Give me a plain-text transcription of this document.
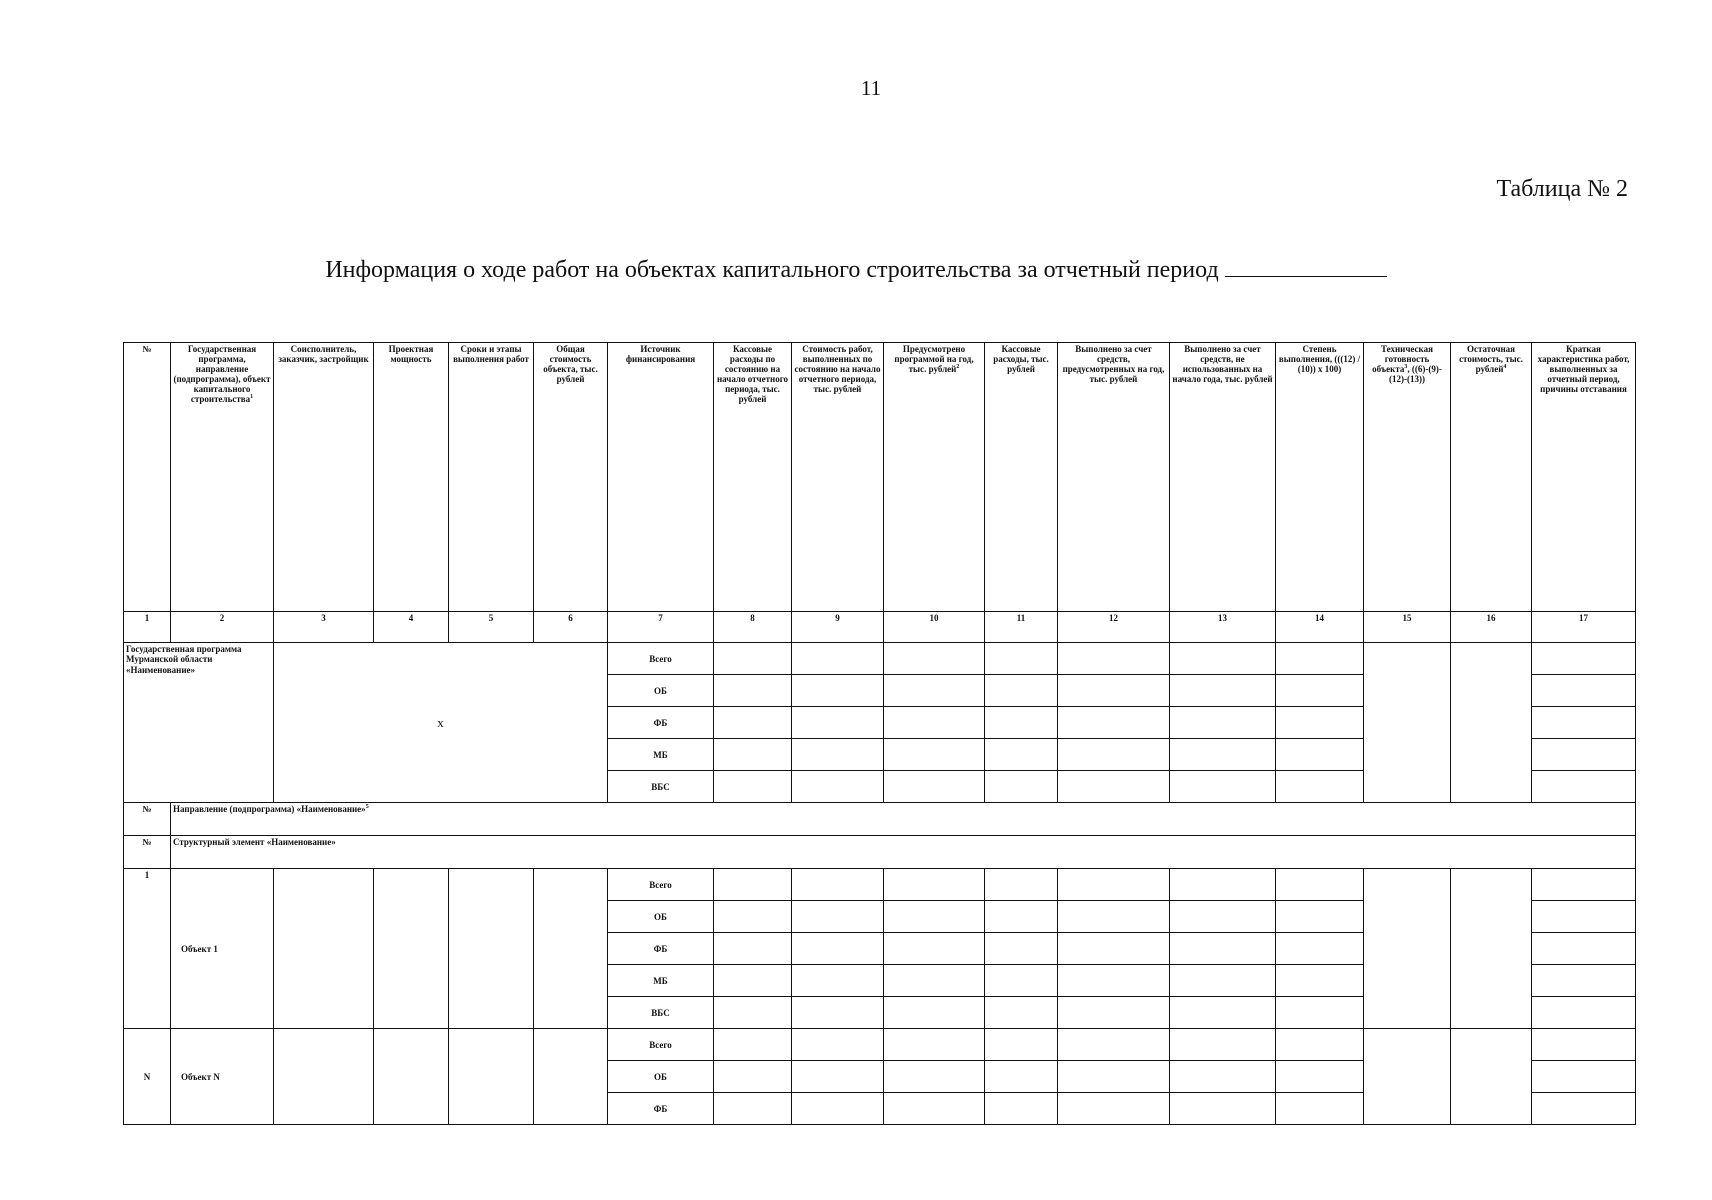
11
Таблица № 2
Информация о ходе работ на объектах капитального строительства за отчетный период
№	Государственная программа, направление (подпрограмма), объект капитального строительства$^1$	Соисполнитель, заказчик, застройщик	Проектная мощность	Сроки и этапы выполнения работ	Общая стоимость объекта, тыс. рублей	Источник финансирования	Кассовые расходы по состоянию на начало отчетного периода, тыс. рублей	Стоимость работ, выполненных по состоянию на начало отчетного периода, тыс. рублей	Предусмотрено программой на год, тыс. рублей$^2$	Кассовые расходы, тыс. рублей	Выполнено за счет средств, предусмотренных на год, тыс. рублей	Выполнено за счет средств, не использованных на начало года, тыс. рублей	Степень выполнения, (((12) / (10)) x 100)	Техническая готовность объекта$^3$, ((6)-(9)-(12)-(13))	Остаточная стоимость, тыс. рублей$^4$	Краткая характеристика работ, выполненных за отчетный период, причины отставания
1	2	3	4	5	6	7	8	9	10	11	12	13	14	15	16	17
Государственная программа Мурманской области «Наименование»		x				Всего										
						ОБ										
						ФБ										
						МБ										
						ВБС										
№	Направление (подпрограмма) «Наименование»$^5$
№	Структурный элемент «Наименование»															
1	Объект 1					Всего										
						ОБ										
						ФБ										
						МБ										
						ВБС										
N	Объект N					Всего										
						ОБ										
						ФБ										
